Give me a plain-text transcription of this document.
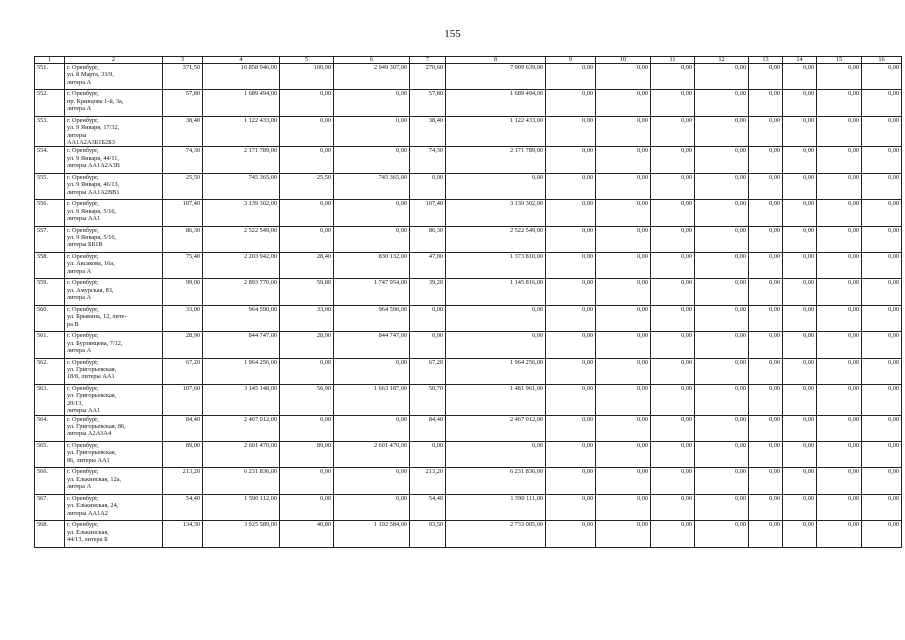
155
1	2	3	4	5	6	7	8	9	10	11	12	13	14	15	16
551.	г. Оренбург,
ул. 8 Марта, 33/9,
литера А	371,50	10 858 946,00	100,90	2 949 307,00	270,60	7 909 639,00	0,00	0,00	0,00	0,00	0,00	0,00	0,00	0,00
552.	г. Оренбург,
пр. Кривцова 1-й, 3а,
литера А	57,80	1 689 494,00	0,00	0,00	57,80	1 689 494,00	0,00	0,00	0,00	0,00	0,00	0,00	0,00	0,00
553.	г. Оренбург,
ул. 9 Января, 17/32,
литеры
АА1А2А3Б1Б2Б3	38,40	1 122 433,00	0,00	0,00	38,40	1 122 433,00	0,00	0,00	0,00	0,00	0,00	0,00	0,00	0,00
554.	г. Оренбург,
ул. 9 Января, 44/11,
литеры АА1А2А3В	74,30	2 171 789,00	0,00	0,00	74,30	2 171 789,00	0,00	0,00	0,00	0,00	0,00	0,00	0,00	0,00
555.	г. Оренбург,
ул. 9 Января, 46/13,
литеры АА1А2ВВ1	25,50	745 365,00	25,50	745 365,00	0,00	0,00	0,00	0,00	0,00	0,00	0,00	0,00	0,00	0,00
556.	г. Оренбург,
ул. 9 Января, 5/16,
литеры АА1	107,40	3 139 302,00	0,00	0,00	107,40	3 139 302,00	0,00	0,00	0,00	0,00	0,00	0,00	0,00	0,00
557.	г. Оренбург,
ул. 9 Января, 5/16,
литеры ББ1В	86,30	2 522 549,00	0,00	0,00	86,30	2 522 549,00	0,00	0,00	0,00	0,00	0,00	0,00	0,00	0,00
558.	г. Оренбург,
ул. Аксакова, 16а,
литера А	75,40	2 203 942,00	28,40	830 132,00	47,00	1 373 810,00	0,00	0,00	0,00	0,00	0,00	0,00	0,00	0,00
559.	г. Оренбург,
ул. Амурская, 83,
литера А	99,00	2 893 770,00	59,80	1 747 954,00	39,20	1 145 816,00	0,00	0,00	0,00	0,00	0,00	0,00	0,00	0,00
560.	г. Оренбург,
ул. Брыкина, 12, лите-
ра В	33,00	964 590,00	33,00	964 590,00	0,00	0,00	0,00	0,00	0,00	0,00	0,00	0,00	0,00	0,00
561.	г. Оренбург,
ул. Бурзянцева, 7/12,
литера А	28,90	844 747,00	28,90	844 747,00	0,00	0,00	0,00	0,00	0,00	0,00	0,00	0,00	0,00	0,00
562.	г. Оренбург,
ул. Григорьевская,
18/8, литеры АА1	67,20	1 964 256,00	0,00	0,00	67,20	1 964 256,00	0,00	0,00	0,00	0,00	0,00	0,00	0,00	0,00
563.	г. Оренбург,
ул. Григорьевская,
20/13,
литеры АА1	107,60	3 145 148,00	56,90	1 663 187,00	50,70	1 481 961,00	0,00	0,00	0,00	0,00	0,00	0,00	0,00	0,00
564.	г. Оренбург,
ул. Григорьевская, 86,
литеры А2А3А4	84,40	2 467 012,00	0,00	0,00	84,40	2 467 012,00	0,00	0,00	0,00	0,00	0,00	0,00	0,00	0,00
565.	г. Оренбург,
ул. Григорьевская,
86, литеры АА1	89,00	2 601 470,00	89,00	2 601 470,00	0,00	0,00	0,00	0,00	0,00	0,00	0,00	0,00	0,00	0,00
566.	г. Оренбург,
ул. Елькинская, 12а,
литера А	213,20	6 231 836,00	0,00	0,00	213,20	6 231 836,00	0,00	0,00	0,00	0,00	0,00	0,00	0,00	0,00
567.	г. Оренбург,
ул. Елькинская, 24,
литеры АА1А2	54,40	1 590 112,00	0,00	0,00	54,40	1 590 111,00	0,00	0,00	0,00	0,00	0,00	0,00	0,00	0,00
568.	г. Оренбург,
ул. Елькинская,
44/13, литера Б	134,30	3 925 589,00	40,80	1 192 584,00	93,50	2 733 005,00	0,00	0,00	0,00	0,00	0,00	0,00	0,00	0,00
